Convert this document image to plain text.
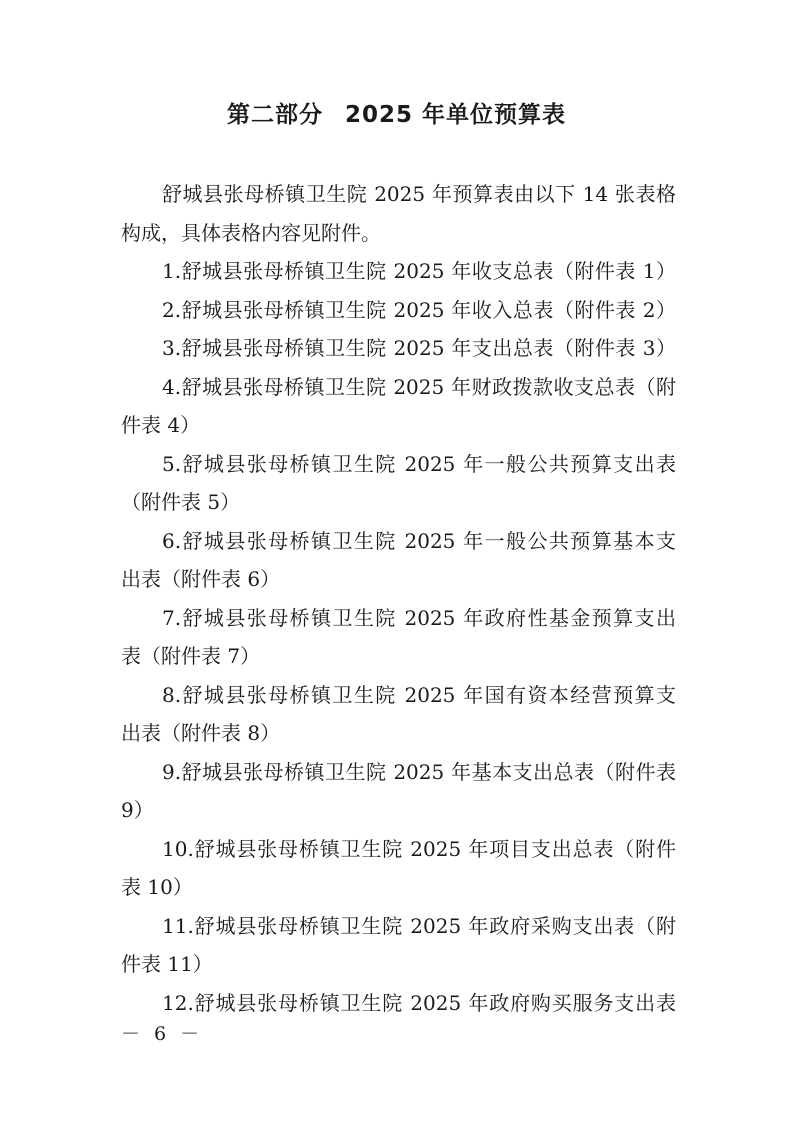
第二部分 2025 年单位预算表
舒城县张母桥镇卫生院 2025 年预算表由以下 14 张表格
构成，具体表格内容见附件。
1.舒城县张母桥镇卫生院 2025 年收支总表（附件表 1）
2.舒城县张母桥镇卫生院 2025 年收入总表（附件表 2）
3.舒城县张母桥镇卫生院 2025 年支出总表（附件表 3）
4.舒城县张母桥镇卫生院 2025 年财政拨款收支总表（附
件表 4）
5.舒城县张母桥镇卫生院 2025 年一般公共预算支出表
（附件表 5）
6.舒城县张母桥镇卫生院 2025 年一般公共预算基本支
出表（附件表 6）
7.舒城县张母桥镇卫生院 2025 年政府性基金预算支出
表（附件表 7）
8.舒城县张母桥镇卫生院 2025 年国有资本经营预算支
出表（附件表 8）
9.舒城县张母桥镇卫生院 2025 年基本支出总表（附件表
9）
10.舒城县张母桥镇卫生院 2025 年项目支出总表（附件
表 10）
11.舒城县张母桥镇卫生院 2025 年政府采购支出表（附
件表 11）
12.舒城县张母桥镇卫生院 2025 年政府购买服务支出表
－ 6 －
